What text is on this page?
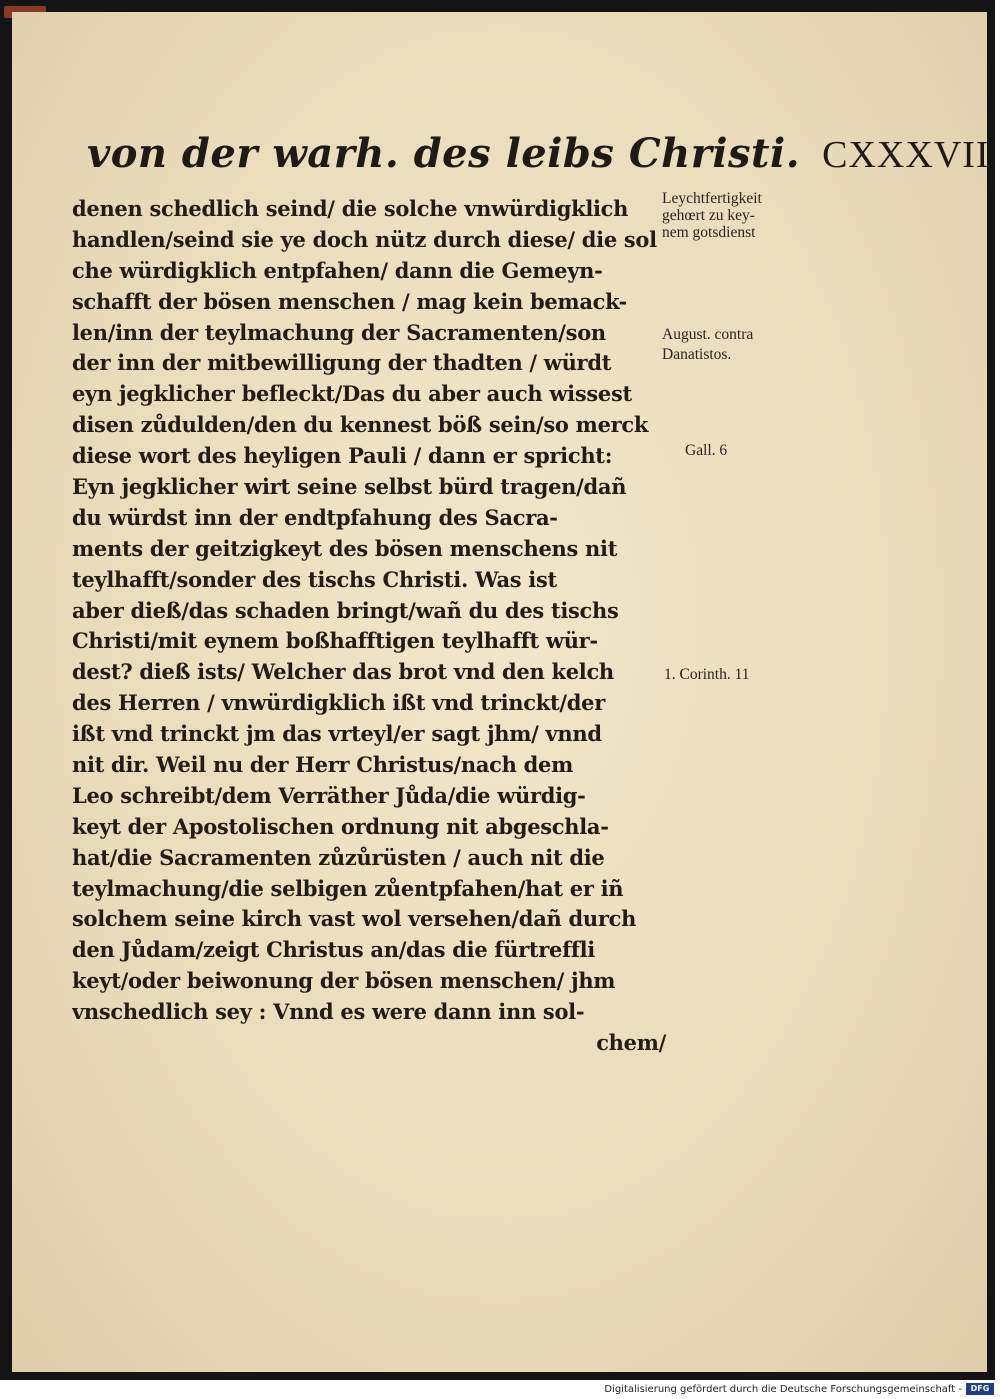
von der warh. des leibs Christi. CXXXVII
denen schedlich seind/ die solche vnwürdigklich
handlen/seind sie ye doch nütz durch diese/ die sol
che würdigklich entpfahen/ dann die Gemeyn-
schafft der bösen menschen / mag kein bemack-
len/inn der teylmachung der Sacramenten/son
der inn der mitbewilligung der thadten / würdt
eyn jegklicher befleckt/Das du aber auch wissest
disen zůdulden/den du kennest böß sein/so merck
diese wort des heyligen Pauli / dann er spricht:
Eyn jegklicher wirt seine selbst bürd tragen/dañ
du würdst inn der endtpfahung des Sacra-
ments der geitzigkeyt des bösen menschens nit
teylhafft/sonder des tischs Christi. Was ist
aber dieß/das schaden bringt/wañ du des tischs
Christi/mit eynem boßhafftigen teylhafft wür-
dest? dieß ists/ Welcher das brot vnd den kelch
des Herren / vnwürdigklich ißt vnd trinckt/der
ißt vnd trinckt jm das vrteyl/er sagt jhm/ vnnd
nit dir. Weil nu der Herr Christus/nach dem
Leo schreibt/dem Verräther Jůda/die würdig-
keyt der Apostolischen ordnung nit abgeschla-
hat/die Sacramenten zůzůrüsten / auch nit die
teylmachung/die selbigen zůentpfahen/hat er iñ
solchem seine kirch vast wol versehen/dañ durch
den Jůdam/zeigt Christus an/das die fürtreffli
keyt/oder beiwonung der bösen menschen/ jhm
vnschedlich sey : Vnnd es were dann inn sol-
chem/
Leychtfertigkeit
gehœrt zu key-
nem gotsdienst
August. contra
Danatistos.
Gall. 6
1. Corinth. 11
Digitalisierung gefördert durch die Deutsche Forschungsgemeinschaft -	DFG
